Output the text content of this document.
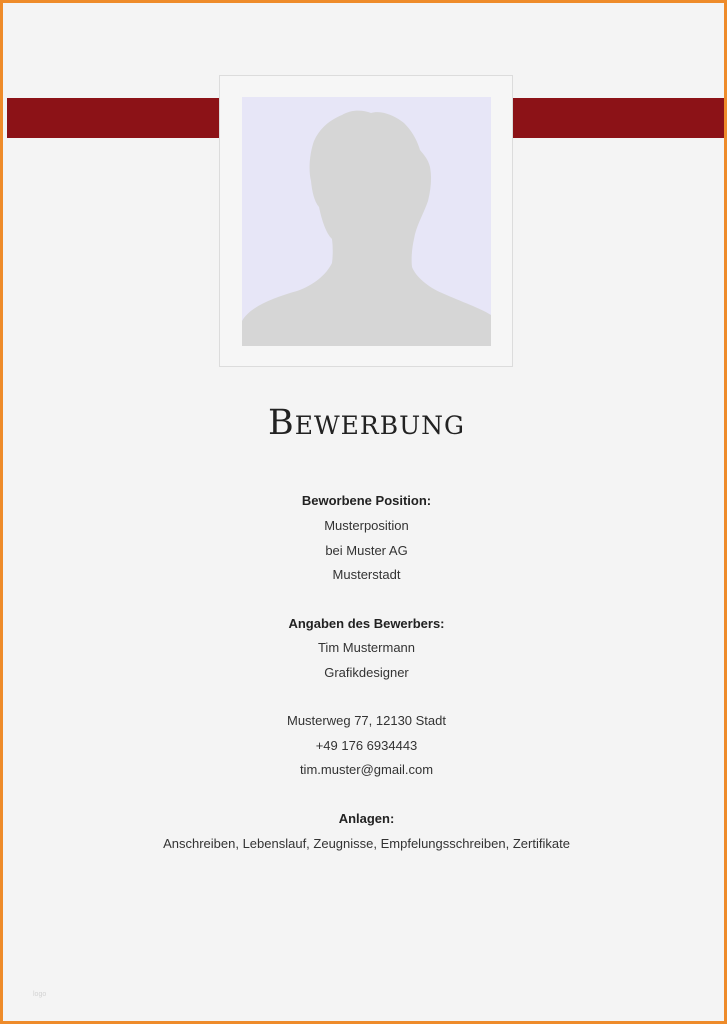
Bewerbung
Beworbene Position:
Musterposition
bei Muster AG
Musterstadt
Angaben des Bewerbers:
Tim Mustermann
Grafikdesigner
Musterweg 77, 12130 Stadt
+49 176 6934443
tim.muster@gmail.com
Anlagen:
Anschreiben, Lebenslauf, Zeugnisse, Empfelungsschreiben, Zertifikate
logo
